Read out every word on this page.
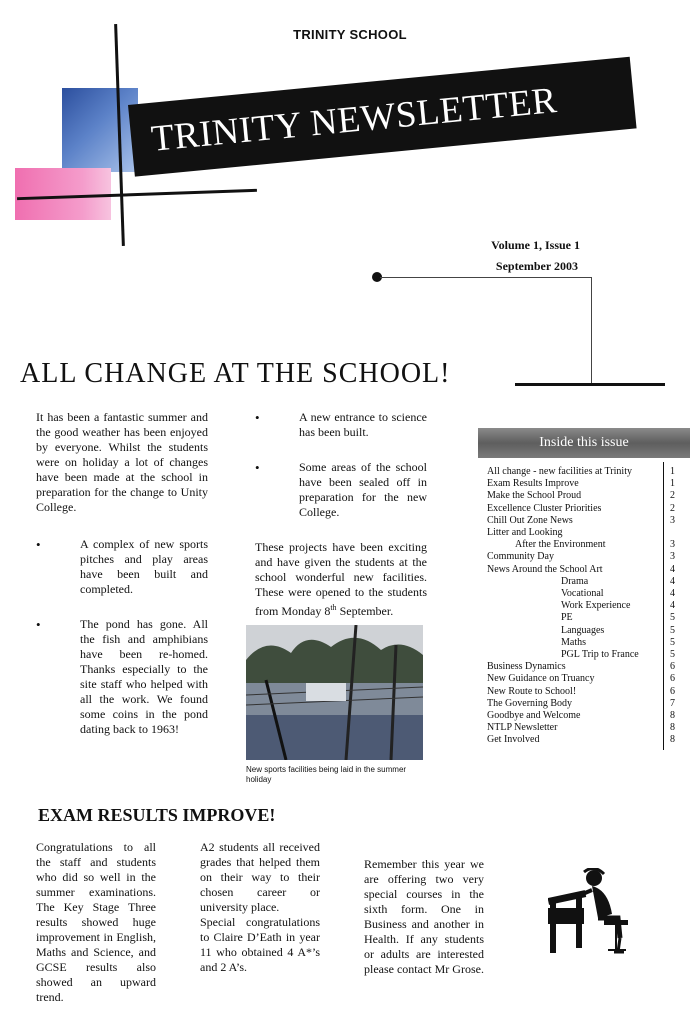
TRINITY SCHOOL
TRINITY NEWSLETTER
Volume 1, Issue 1
September 2003
ALL CHANGE AT THE SCHOOL!

It has been a fantastic summer and the good weather has been enjoyed by everyone. Whilst the students were on holiday a lot of changes have been made at the school in preparation for the change to Unity College.

• A complex of new sports pitches and play areas have been built and completed.
• The pond has gone. All the fish and amphibians have been re-homed. Thanks especially to the site staff who helped with all the work. We found some coins in the pond dating back to 1963!
• A new entrance to science has been built.
• Some areas of the school have been sealed off in preparation for the new College.

These projects have been exciting and have given the students at the school wonderful new facilities. These were opened to the students from Monday 8th September.

New sports facilities being laid in the summer holiday
Inside this issue
All change - new facilities at Trinity	1
Exam Results Improve	1
Make the School Proud	2
Excellence Cluster Priorities	2
Chill Out Zone News	3
Litter and Looking
After the Environment	3
Community Day	3
News Around the School Art	4
Drama	4
Vocational	4
Work Experience	4
PE	5
Languages	5
Maths	5
PGL Trip to France	5
Business Dynamics	6
New Guidance on Truancy	6
New Route to School!	6
The Governing Body	7
Goodbye and Welcome	8
NTLP Newsletter	8
Get Involved	8
EXAM RESULTS IMPROVE!

Congratulations to all the staff and students who did so well in the summer examinations. The Key Stage Three results showed huge improvement in English, Maths and Science, and GCSE results also showed an upward trend.

A2 students all received grades that helped them on their way to their chosen career or university place.

Special congratulations to Claire D’Eath in year 11 who obtained 4 A*’s and 2 A’s.

Remember this year we are offering two very special courses in the sixth form. One in Business and another in Health. If any students or adults are interested please contact Mr Grose.
